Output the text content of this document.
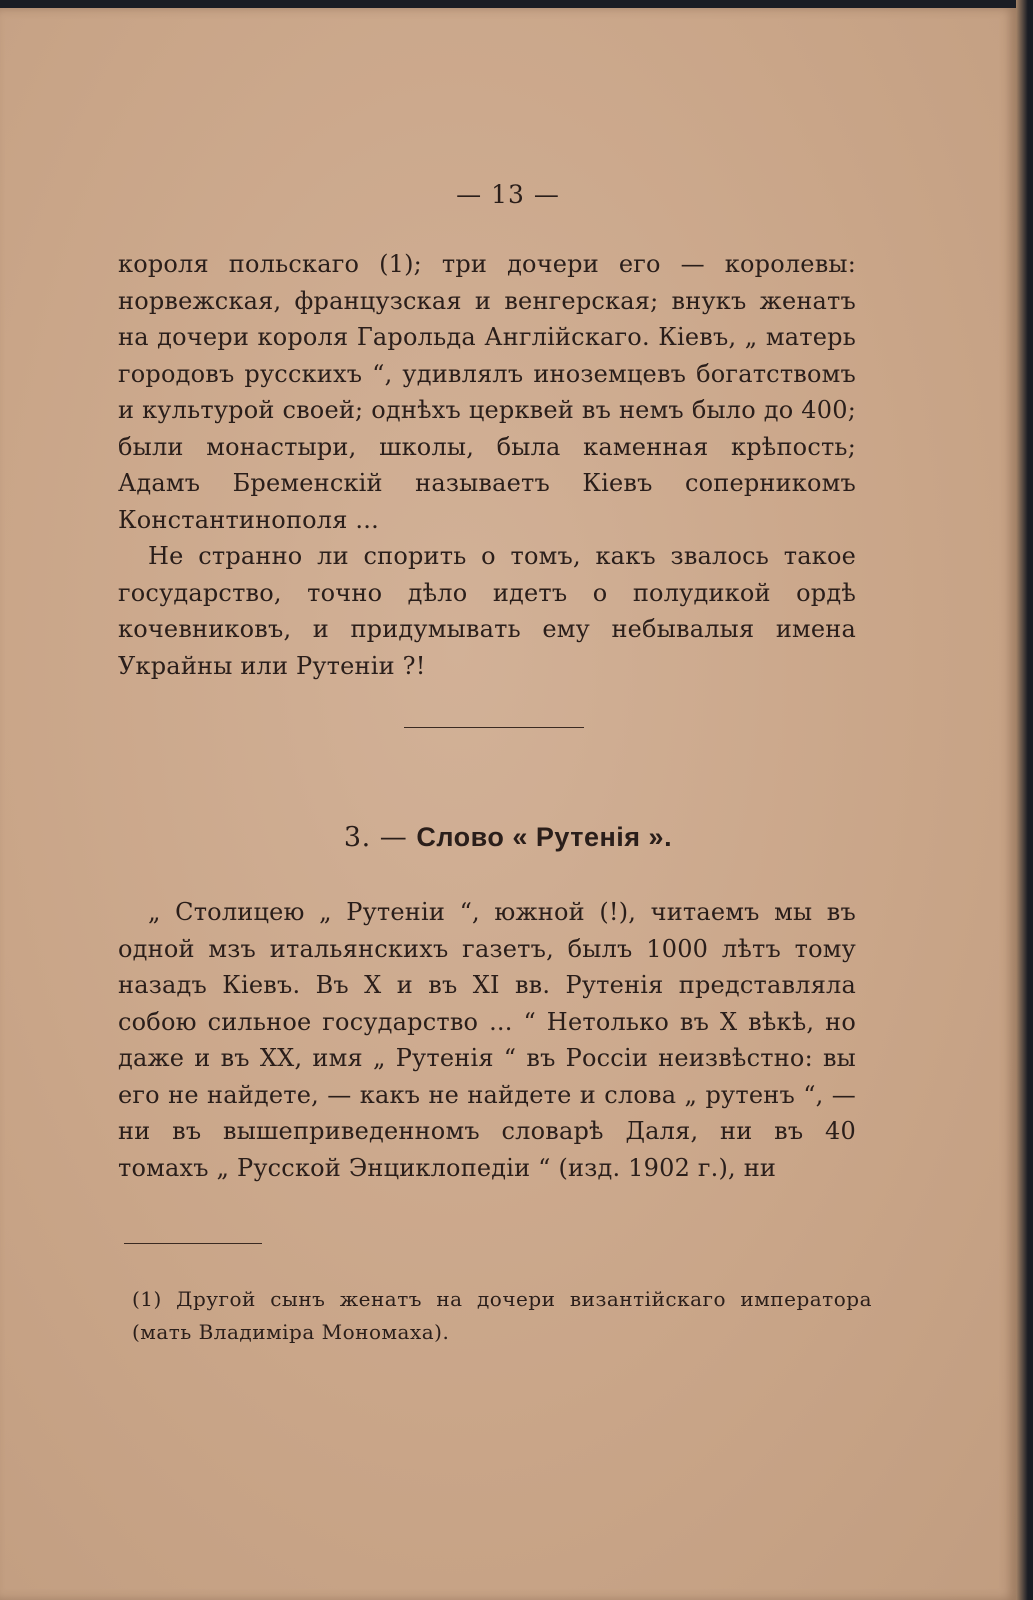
— 13 —

короля польскаго (1); три дочери его — королевы: норвежская, французская и венгерская; внукъ женатъ на дочери короля Гарольда Англійскаго. Кіевъ, „ матерь городовъ русскихъ “, удивлялъ иноземцевъ богатствомъ и культурой своей; однѣхъ церквей въ немъ было до 400; были монастыри, школы, была каменная крѣпость; Адамъ Бременскій называетъ Кіевъ соперникомъ Константинополя ...

Не странно ли спорить о томъ, какъ звалось такое государство, точно дѣло идетъ о полудикой ордѣ кочевниковъ, и придумывать ему небывалыя имена Украйны или Рутеніи ?!

3. — Слово « Рутенія ».

„ Столицею „ Рутеніи “, южной (!), читаемъ мы въ одной мзъ итальянскихъ газетъ, былъ 1000 лѣтъ тому назадъ Кіевъ. Въ X и въ XI вв. Рутенія представляла собою сильное государство ... “ Нетолько въ X вѣкѣ, но даже и въ XX, имя „ Рутенія “ въ Россіи неизвѣстно: вы его не найдете, — какъ не найдете и слова „ рутенъ “, — ни въ вышеприведенномъ словарѣ Даля, ни въ 40 томахъ „ Русской Энциклопедіи “ (изд. 1902 г.), ни

(1) Другой сынъ женатъ на дочери византійскаго императора (мать Владиміра Мономаха).
